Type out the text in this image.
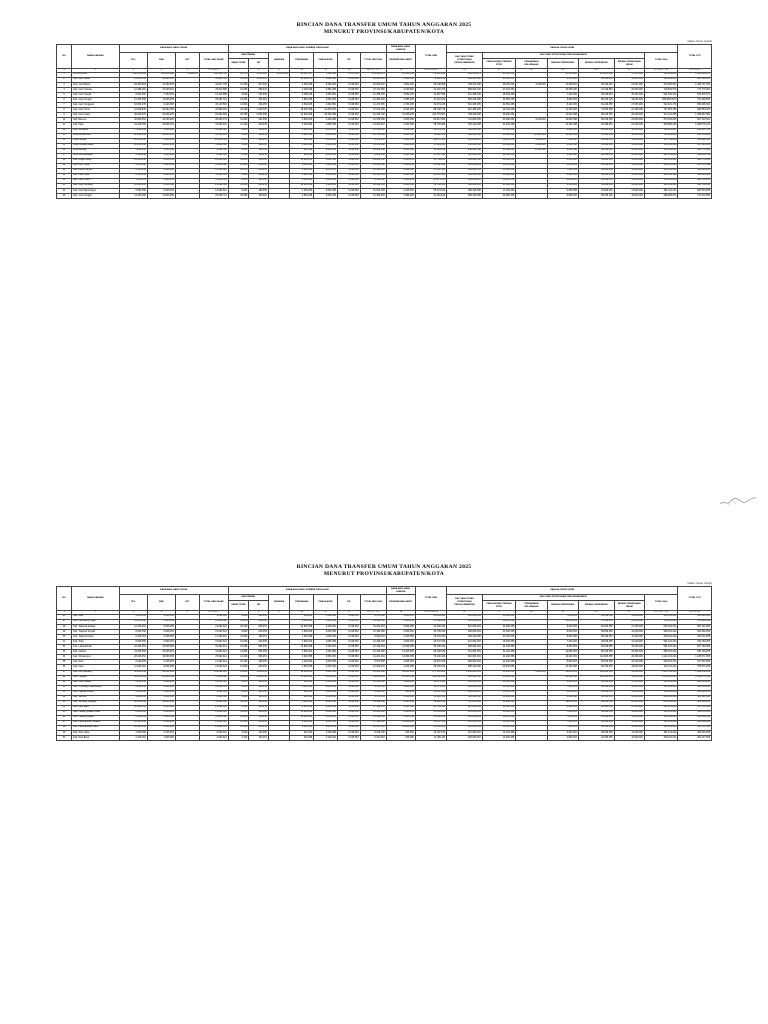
RINCIAN DANA TRANSFER UMUM TAHUN ANGGARAN 2025
MENURUT PROVINSI/KABUPATEN/KOTA
(dalam ribuan rupiah)
NO	NAMA DAERAH	DANA BAGI HASIL PAJAK				DANA BAGI HASIL SUMBER DAYA ALAM							DANA BAGI HASIL LAINNYA	TOTAL DBH	DANA ALOKASI UMUM							TOTAL DTU
		PPh	PBB	CHT	TOTAL DBH PAJAK	KEHUTANAN		MINERBA	PERIKANAN	PANAS BUMI	DR	TOTAL DBH SDA	PERKEBUNAN SAWIT		DAU YANG TIDAK DITENTUKAN PENGGUNAANNYA	DAU YANG DITENTUKAN PENGGUNAANNYA					TOTAL DAU	
						IURAN TETAP	DR									PENGGAJIAN FORMASI PPPK	PENDANAAN KELURAHAN	BIDANG PENDIDIKAN	BIDANG KESEHATAN	BIDANG PEKERJAAN UMUM		
1	2	3	4	5	6 = 3+4+5	7	8	9	10	11	12	13 = 7+...+12	14	15 = 6+13+14	16	17	18	19	20	21	22 = 16+...+21	23 = 15+22
1	Provinsi Aceh	380.823.484	254.649.498	2.629.813	638.102.795	20.476	9.836.622	59.013.568	26.583.497	7.298.348	6.876.568	109.628.079	24.916.349	772.647.223	285.416.279	95.346.238	-	48.613.268	115.203.468	17.254.000	561.833.253	1.334.480.476
2	Kab. Aceh Barat	19.006.452	16.825.338	-	35.831.790	33.246	1.186.235	-	12.893.274	9.264.356	5.248.352	28.625.463	6.432.856	70.890.109	496.326.568	25.684.257	-	9.316.286	63.924.835	19.438.000	614.689.946	685.580.055
3	Kab. Aceh Besar	28.264.863	14.362.846	-	42.627.709	12.435	847.325	-	4.238.456	8.284.354	5.248.352	18.630.922	3.842.264	65.100.895	798.214.358	38.156.234	3.240.000	14.238.564	95.236.445	24.521.000	973.606.601	1.038.707.496
4	Kab. Aceh Selatan	12.384.264	13.428.624	-	25.812.888	10.256	356.234	-	3.152.846	6.354.268	5.248.352	15.121.956	3.246.862	44.181.706	598.642.126	27.424.362	-	10.645.236	72.346.852	20.536.000	729.594.576	773.776.282
5	Kab. Aceh Singkil	8.842.356	7.264.532	-	16.106.888	8.846	234.568	-	2.468.325	4.826.354	5.248.352	12.786.445	2.564.235	31.457.568	412.358.246	18.264.268	-	7.426.325	48.236.564	15.234.000	501.519.403	532.976.971
6	Kab. Aceh Tengah	14.236.458	11.846.256	-	26.082.714	18.264	425.364	-	2.854.268	3.846.235	5.248.352	12.392.483	2.986.425	41.461.622	568.246.358	24.856.235	-	9.846.254	68.235.126	18.624.000	689.808.0973	731.269.595
7	Kab. Aceh Tenggara	10.864.235	9.246.358	-	20.110.593	12.846	326.458	-	2.364.825	3.264.854	5.248.352	11.217.335	2.746.258	34.074.186	512.648.235	22.864.258	-	8.426.325	61.246.358	17.236.000	622.421.176	656.495.362
8	Kab. Aceh Timur	24.625.846	18.264.358	-	42.890.204	24.628	1.246.325	-	18.246.358	12.846.254	5.248.352	37.612.189	8.246.325	88.748.718	612.486.235	28.346.268	-	11.248.325	74.256.358	21.468.000	747.805.186	836.553.904
9	Kab. Aceh Utara	38.246.325	22.648.235	-	60.894.560	28.456	2.846.358	-	24.846.268	18.264.358	5.248.352	51.233.792	12.648.235	124.776.587	798.246.358	36.846.254	-	14.624.358	98.246.325	26.248.000	974.211.295	1.098.987.882
10	Kab. Bireuen	22.846.354	16.246.825	-	39.093.179	12.846	624.358	-	3.846.254	4.246.358	5.248.352	13.978.168	3.846.258	56.917.605	712.846.235	32.468.254	3.240.000	12.846.358	86.246.358	22.846.000	870.493.205	927.410.810
11	Kab. Pidie	24.246.358	16.846.254	-	41.092.612	14.246	648.235	-	3.246.825	4.846.358	5.248.352	14.004.016	3.624.358	58.720.986	786.246.358	34.846.258	-	13.246.358	92.468.254	24.248.000	950.855.228	1.009.576.214
12	Kab. Simeulue	6.846.254	5.246.358	-	12.092.612	8.246	186.254	-	1.846.358	4.846.235	5.248.352	12.135.445	2.246.358	26.474.415	386.246.358	16.846.254	-	6.248.325	42.846.358	14.246.000	466.433.295	492.907.710
13	Kota Banda Aceh	38.264.358	24.846.254	-	63.110.612	6.246	386.254	-	1.246.358	3.846.254	5.248.352	10.733.464	2.846.358	76.690.434	598.246.358	28.846.254	12.480.000	10.846.254	72.846.358	18.624.000	741.889.224	818.579.658
14	Kota Langsa	12.846.358	8.246.254	-	21.092.612	4.246	186.254	-	846.358	2.846.254	5.248.352	9.131.464	1.846.358	32.070.434	412.846.254	18.246.358	6.480.000	7.246.358	48.846.254	14.246.000	507.911.224	539.981.658
15	Kota Lhokseumawe	18.246.358	12.846.254	-	31.092.612	4.846	624.358	-	4.846.254	3.246.358	5.248.352	13.970.168	2.846.254	47.909.034	456.246.358	20.846.254	6.480.000	8.246.358	52.846.254	15.246.000	559.911.224	607.820.258
16	Kota Sabang	4.846.254	3.246.358	-	8.092.612	2.846	124.358	-	624.358	4.246.254	5.248.352	10.246.168	1.246.358	19.585.138	286.246.358	12.846.254	2.160.000	4.846.358	32.846.254	10.246.000	349.191.224	368.776.362
17	Kota Subulussalam	4.246.358	3.846.254	-	8.092.612	3.246	124.358	-	846.254	1.846.358	5.248.352	8.068.568	1.246.358	17.407.538	312.846.254	14.246.358	-	5.246.358	36.846.254	12.246.000	381.431.224	398.838.762
18	Kab. Nagan Raya	12.846.358	9.846.254	-	22.692.612	12.846	846.358	-	14.246.254	3.846.358	5.248.352	24.200.168	8.846.254	55.739.034	486.246.358	22.846.254	-	8.846.358	56.846.254	16.246.000	591.031.224	646.770.258
19	Kab. Aceh Jaya	6.846.358	5.246.254	-	12.092.612	16.246	246.358	-	6.846.254	3.246.358	5.248.352	15.603.568	3.846.254	31.542.434	386.846.254	16.846.358	-	6.246.254	42.846.358	13.246.000	466.031.224	497.573.658
20	Kab. Bener Meriah	8.846.254	6.246.358	-	15.092.612	10.846	246.254	-	1.846.358	2.846.254	5.248.352	10.198.064	2.246.358	27.537.034	412.846.254	18.246.358	-	7.246.254	48.846.358	14.246.000	501.431.224	528.968.258
21	Kab. Pidie Jaya	6.246.358	4.846.254	-	11.092.612	6.246	186.254	-	1.246.358	3.846.254	5.248.352	10.533.464	2.246.358	23.872.434	386.246.358	16.846.254	-	6.248.325	44.846.254	13.846.000	468.033.191	491.905.625
22	Kab. Gayo Lues	5.846.254	4.246.358	-	10.092.612	8.846	186.358	-	1.846.254	2.246.358	5.248.352	9.536.168	2.246.254	21.875.034	368.846.254	16.246.358	-	6.246.254	42.246.358	13.246.000	446.831.224	468.706.258
23	Kab. Aceh Tamiang	12.846.254	8.846.358	-	21.692.612	12.246	846.254	-	12.846.358	3.246.254	5.248.352	22.199.464	6.846.358	50.738.434	486.846.254	21.846.358	-	8.246.254	56.846.358	16.246.000	590.031.224	640.769.658
24	Kab. Aceh Barat Daya	6.846.358	5.846.254	-	12.692.612	6.846	186.358	-	1.246.254	3.846.358	5.248.352	10.534.168	2.246.254	25.473.034	398.246.358	17.246.254	-	6.846.358	44.846.254	13.846.000	481.031.224	506.504.258
25	Kab. Aceh Tengah	14.236.458	11.846.256	-	26.082.714	18.264	425.364	-	2.854.268	3.846.235	5.248.352	12.392.483	2.986.425	41.461.622	568.246.358	24.856.235	-	9.846.254	68.235.126	18.624.000	689.808.973	731.270.595
RINCIAN DANA TRANSFER UMUM TAHUN ANGGARAN 2025
MENURUT PROVINSI/KABUPATEN/KOTA
(dalam ribuan rupiah)
NO	NAMA DAERAH	DANA BAGI HASIL PAJAK				DANA BAGI HASIL SUMBER DAYA ALAM							DANA BAGI HASIL LAINNYA	TOTAL DBH	DANA ALOKASI UMUM							TOTAL DTU
		PPh	PBB	CHT	TOTAL DBH PAJAK	KEHUTANAN		MINERBA	PERIKANAN	PANAS BUMI	DR	TOTAL DBH SDA	PERKEBUNAN SAWIT		DAU YANG TIDAK DITENTUKAN PENGGUNAANNYA	DAU YANG DITENTUKAN PENGGUNAANNYA					TOTAL DAU	
						IURAN TETAP	DR									PENGGAJIAN FORMASI PPPK	PENDANAAN KELURAHAN	BIDANG PENDIDIKAN	BIDANG KESEHATAN	BIDANG PEKERJAAN UMUM		
1	2	3	4	5	6 = 3+4+5	7	8	9	10	11	12	13 = 7+...+12	14	15 = 6+13+14	16	17	18	19	20	21	22 = 16+...+21	23 = 15+22
26	Kab. Nias	4.846.254	4.246.358	-	9.092.612	4.846	124.358	-	846.254	3.246.358	5.248.352	9.470.168	1.846.254	20.409.034	412.846.254	18.246.358	-	7.246.254	48.846.358	14.246.000	501.431.224	521.840.258
27	Kab. Mandailing Natal	12.846.358	9.846.254	-	22.692.612	14.846	624.358	-	8.846.254	3.246.358	5.248.352	18.029.168	4.846.254	45.568.034	612.846.254	28.246.358	-	11.246.254	72.846.358	20.246.000	745.431.224	790.999.258
28	Kab. Tapanuli Selatan	12.246.254	8.846.358	-	21.092.612	18.246	846.254	-	24.846.358	3.246.254	5.248.352	34.251.464	6.846.358	62.190.434	512.846.254	22.846.358	-	9.246.254	62.846.358	17.246.000	625.031.224	687.221.658
29	Kab. Tapanuli Tengah	8.846.358	6.846.254	-	15.692.612	8.846	246.358	-	1.846.254	4.846.358	5.248.352	12.196.168	2.846.254	30.735.034	486.846.254	21.846.358	-	8.846.254	58.846.358	16.246.000	592.631.224	623.366.258
30	Kab. Tapanuli Utara	8.246.254	6.246.358	-	14.492.612	12.846	186.254	-	1.246.358	2.846.254	5.248.352	9.540.064	2.246.358	26.279.034	498.246.358	22.246.254	-	8.846.358	58.246.254	16.246.000	603.831.224	630.110.258
31	Kab. Toba	8.846.358	6.846.254	-	15.692.612	10.846	246.358	-	1.846.254	2.846.358	5.248.352	10.198.168	2.846.254	28.737.034	412.846.254	18.246.358	-	7.246.254	48.846.358	14.246.000	501.431.224	530.168.258
32	Kab. Labuhanbatu	18.246.254	12.846.358	-	31.092.612	12.246	846.254	-	12.846.358	3.246.254	5.248.352	22.199.464	12.846.358	66.138.434	486.846.254	22.246.358	-	8.846.254	56.846.358	16.246.000	591.031.224	657.169.658
33	Kab. Asahan	24.846.358	16.846.254	-	41.692.612	12.846	846.358	-	4.846.254	4.246.358	5.248.352	15.199.168	12.246.254	69.138.034	712.846.254	32.246.358	-	12.846.254	86.246.358	22.846.000	866.031.224	935.169.258
34	Kab. Simalungun	28.246.254	18.846.358	-	47.092.612	14.246	846.254	-	4.246.358	3.846.254	5.248.352	14.201.464	14.846.358	76.140.434	912.846.254	42.246.358	-	16.246.254	112.846.358	28.246.000	1.112.431.224	1.188.571.658
35	Kab. Dairi	8.246.358	6.246.254	-	14.492.612	10.246	186.358	-	1.246.254	2.846.358	5.248.352	9.537.568	2.846.254	26.876.434	486.846.254	21.846.358	-	8.846.254	56.846.358	16.246.000	590.631.224	617.507.658
36	Kab. Karo	12.846.254	8.846.358	-	21.692.612	12.846	246.254	-	1.846.358	2.846.254	5.248.352	10.200.064	4.246.358	36.139.034	598.246.358	26.846.254	-	10.246.358	68.246.254	18.846.000	722.431.224	758.570.258
37	Kab. Deli Serdang	86.846.358	48.246.254	-	135.092.612	14.846	1.246.358	-	12.846.254	4.246.358	5.248.352	23.602.168	18.846.254	177.541.034	1.246.846.254	56.246.358	6.480.000	22.846.254	142.846.358	36.246.000	1.511.511.224	1.689.052.258
38	Kab. Langkat	28.846.254	18.246.358	-	47.092.612	14.246	1.846.254	-	24.846.358	4.846.254	5.248.352	36.801.464	18.246.358	102.140.434	998.246.358	44.846.254	-	18.246.358	118.846.254	30.246.000	1.210.431.224	1.312.571.658
39	Kab. Nias Selatan	6.846.358	5.246.254	-	12.092.612	6.846	186.358	-	846.254	4.246.358	5.248.352	10.534.168	1.846.254	24.473.034	512.846.254	22.846.358	-	8.846.254	62.846.358	17.246.000	624.631.224	649.104.258
40	Kab. Humbang Hasundutan	6.846.254	5.246.358	-	12.092.612	8.846	186.254	-	1.246.358	2.846.254	5.248.352	9.536.064	2.246.358	23.875.034	412.846.254	18.246.358	-	7.246.254	48.846.358	14.246.000	501.431.224	525.306.258
41	Kab. Pakpak Bharat	2.846.358	2.246.254	-	5.092.612	4.846	124.358	-	624.254	2.246.358	5.248.352	8.248.168	846.254	14.187.034	268.846.254	12.246.358	-	4.846.254	32.846.358	10.246.000	329.031.224	343.218.258
42	Kab. Samosir	4.846.254	3.846.358	-	8.692.612	6.246	124.254	-	846.358	2.846.254	5.248.352	9.071.464	1.246.358	19.010.434	368.246.358	16.246.254	-	6.246.358	42.846.254	13.246.000	446.831.224	465.841.658
43	Kab. Serdang Bedagai	18.246.358	12.846.254	-	31.092.612	12.846	646.358	-	4.246.254	4.846.358	5.248.352	14.999.168	8.846.254	54.938.034	712.846.254	32.246.358	-	12.846.254	86.246.358	22.846.000	866.031.224	920.969.258
44	Kab. Batu Bara	12.846.254	8.846.358	-	21.692.612	8.246	846.254	-	6.846.358	4.246.254	5.248.352	17.195.464	6.846.358	45.734.434	512.846.254	22.846.358	-	9.246.254	62.846.358	17.246.000	625.031.224	670.765.658
45	Kab. Padang Lawas Utara	8.846.358	6.246.254	-	15.092.612	12.846	646.358	-	14.846.254	2.846.358	5.248.352	23.600.168	6.846.254	45.539.034	412.846.254	18.246.358	-	7.246.254	48.846.358	14.246.000	501.431.224	546.970.258
46	Kab. Padang Lawas	8.246.254	6.846.358	-	15.092.612	12.246	646.254	-	12.846.358	2.846.254	5.248.352	21.599.464	6.246.358	42.938.434	412.846.254	18.246.358	-	7.246.254	48.846.358	14.246.000	501.431.224	544.369.658
47	Kab. Labuhanbatu Selatan	12.846.358	8.246.254	-	21.092.612	10.846	646.358	-	8.846.254	2.846.358	5.248.352	17.598.168	12.846.254	51.537.034	412.846.254	18.246.358	-	7.246.254	48.846.358	14.246.000	501.431.224	552.968.258
48	Kab. Labuhanbatu Utara	12.246.254	8.846.358	-	21.092.612	10.246	646.254	-	8.246.358	2.846.254	5.248.352	16.997.464	12.246.358	50.336.434	412.846.254	18.246.358	-	7.246.254	48.846.358	14.246.000	501.431.224	551.767.658
49	Kab. Nias Utara	2.846.358	2.246.254	-	5.092.612	4.846	124.358	-	624.254	3.246.358	5.248.352	9.248.168	846.254	15.187.034	312.846.254	14.246.358	-	5.246.254	36.846.358	12.246.000	381.431.224	396.618.258
50	Kab. Nias Barat	2.246.254	1.846.358	-	4.092.612	4.246	124.254	-	624.358	3.246.254	5.248.352	9.247.464	846.358	14.186.434	286.846.254	12.846.358	-	4.846.254	32.846.358	10.846.000	348.231.224	362.417.658
